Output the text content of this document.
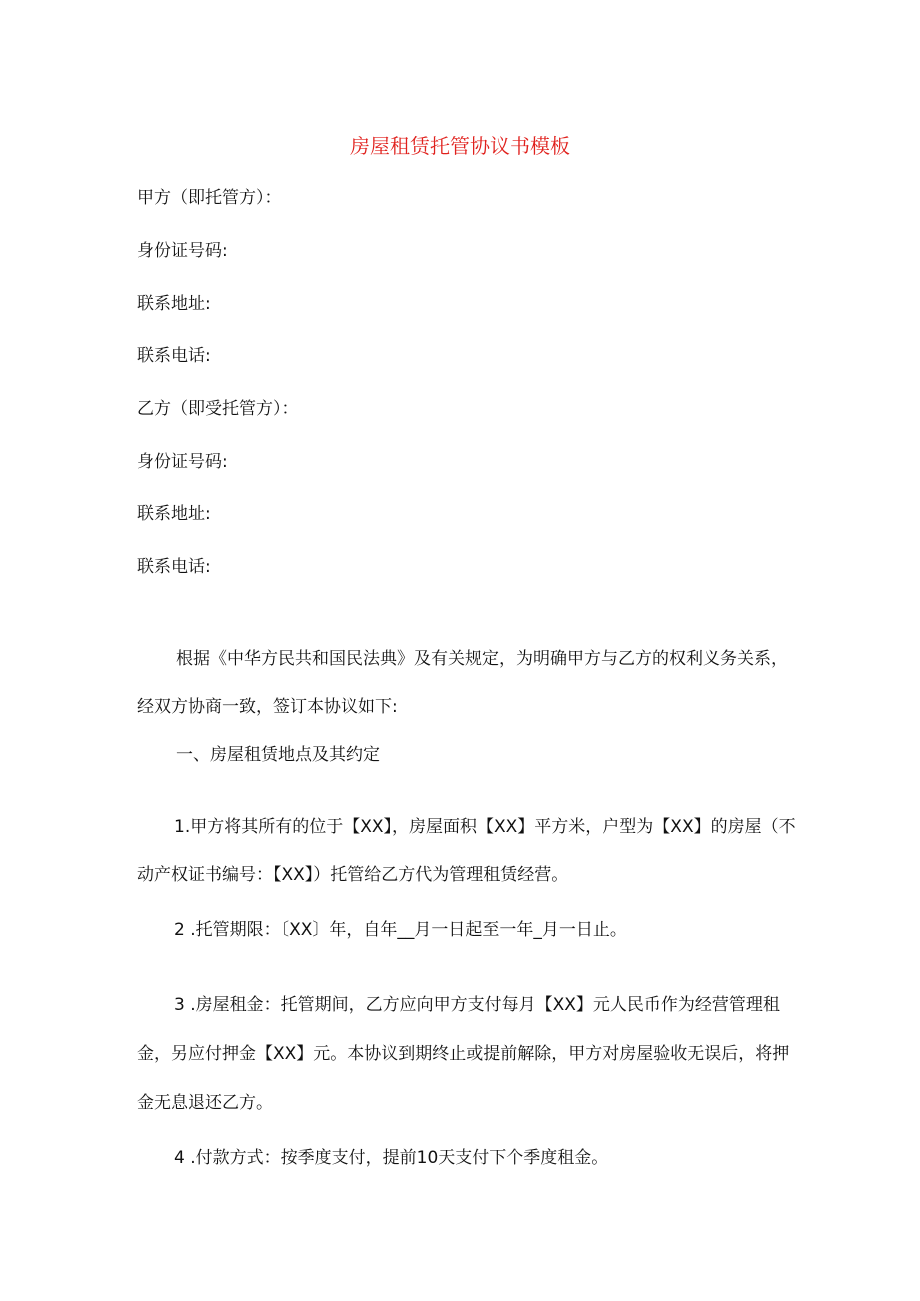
房屋租赁托管协议书模板
甲方（即托管方）：
身份证号码:
联系地址:
联系电话:
乙方（即受托管方）：
身份证号码:
联系地址:
联系电话:
根据《中华方民共和国民法典》及有关规定，为明确甲方与乙方的权利义务关系，
经双方协商一致，签订本协议如下:
一、房屋租赁地点及其约定
1.甲方将其所有的位于【XX】，房屋面积【XX】平方米，户型为【XX】的房屋（不
动产权证书编号：【XX】）托管给乙方代为管理租赁经营。
2 .托管期限：〔XX〕年，自年__月一日起至一年_月一日止。
3 .房屋租金：托管期间，乙方应向甲方支付每月【XX】元人民币作为经营管理租
金，另应付押金【XX】元。本协议到期终止或提前解除，甲方对房屋验收无误后，将押
金无息退还乙方。
4 .付款方式：按季度支付，提前10天支付下个季度租金。
